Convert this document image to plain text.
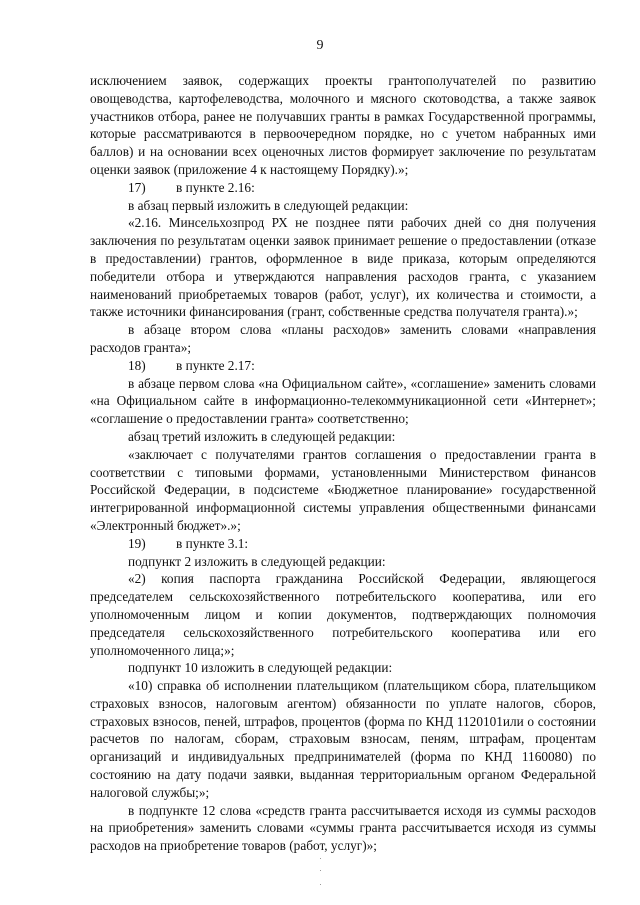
9

исключением заявок, содержащих проекты грантополучателей по развитию овощеводства, картофелеводства, молочного и мясного скотоводства, а также заявок участников отбора, ранее не получавших гранты в рамках Государственной программы, которые рассматриваются в первоочередном порядке, но с учетом набранных ими баллов) и на основании всех оценочных листов формирует заключение по результатам оценки заявок (приложение 4 к настоящему Порядку).»;

17) в пункте 2.16:

в абзац первый изложить в следующей редакции:

«2.16. Минсельхозпрод РХ не позднее пяти рабочих дней со дня получения заключения по результатам оценки заявок принимает решение о предоставлении (отказе в предоставлении) грантов, оформленное в виде приказа, которым определяются победители отбора и утверждаются направления расходов гранта, с указанием наименований приобретаемых товаров (работ, услуг), их количества и стоимости, а также источники финансирования (грант, собственные средства получателя гранта).»;

в абзаце втором слова «планы расходов» заменить словами «направления расходов гранта»;

18) в пункте 2.17:

в абзаце первом слова «на Официальном сайте», «соглашение» заменить словами «на Официальном сайте в информационно-телекоммуникационной сети «Интернет»; «соглашение о предоставлении гранта» соответственно;

абзац третий изложить в следующей редакции:

«заключает с получателями грантов соглашения о предоставлении гранта в соответствии с типовыми формами, установленными Министерством финансов Российской Федерации, в подсистеме «Бюджетное планирование» государственной интегрированной информационной системы управления общественными финансами «Электронный бюджет».»;

19) в пункте 3.1:

подпункт 2 изложить в следующей редакции:

«2) копия паспорта гражданина Российской Федерации, являющегося председателем сельскохозяйственного потребительского кооператива, или его уполномоченным лицом и копии документов, подтверждающих полномочия председателя сельскохозяйственного потребительского кооператива или его уполномоченного лица;»;

подпункт 10 изложить в следующей редакции:

«10) справка об исполнении плательщиком (плательщиком сбора, плательщиком страховых взносов, налоговым агентом) обязанности по уплате налогов, сборов, страховых взносов, пеней, штрафов, процентов (форма по КНД 1120101или о состоянии расчетов по налогам, сборам, страховым взносам, пеням, штрафам, процентам организаций и индивидуальных предпринимателей (форма по КНД 1160080) по состоянию на дату подачи заявки, выданная территориальным органом Федеральной налоговой службы;»;

в подпункте 12 слова «средств гранта рассчитывается исходя из суммы расходов на приобретения» заменить словами «суммы гранта рассчитывается исходя из суммы расходов на приобретение товаров (работ, услуг)»;
